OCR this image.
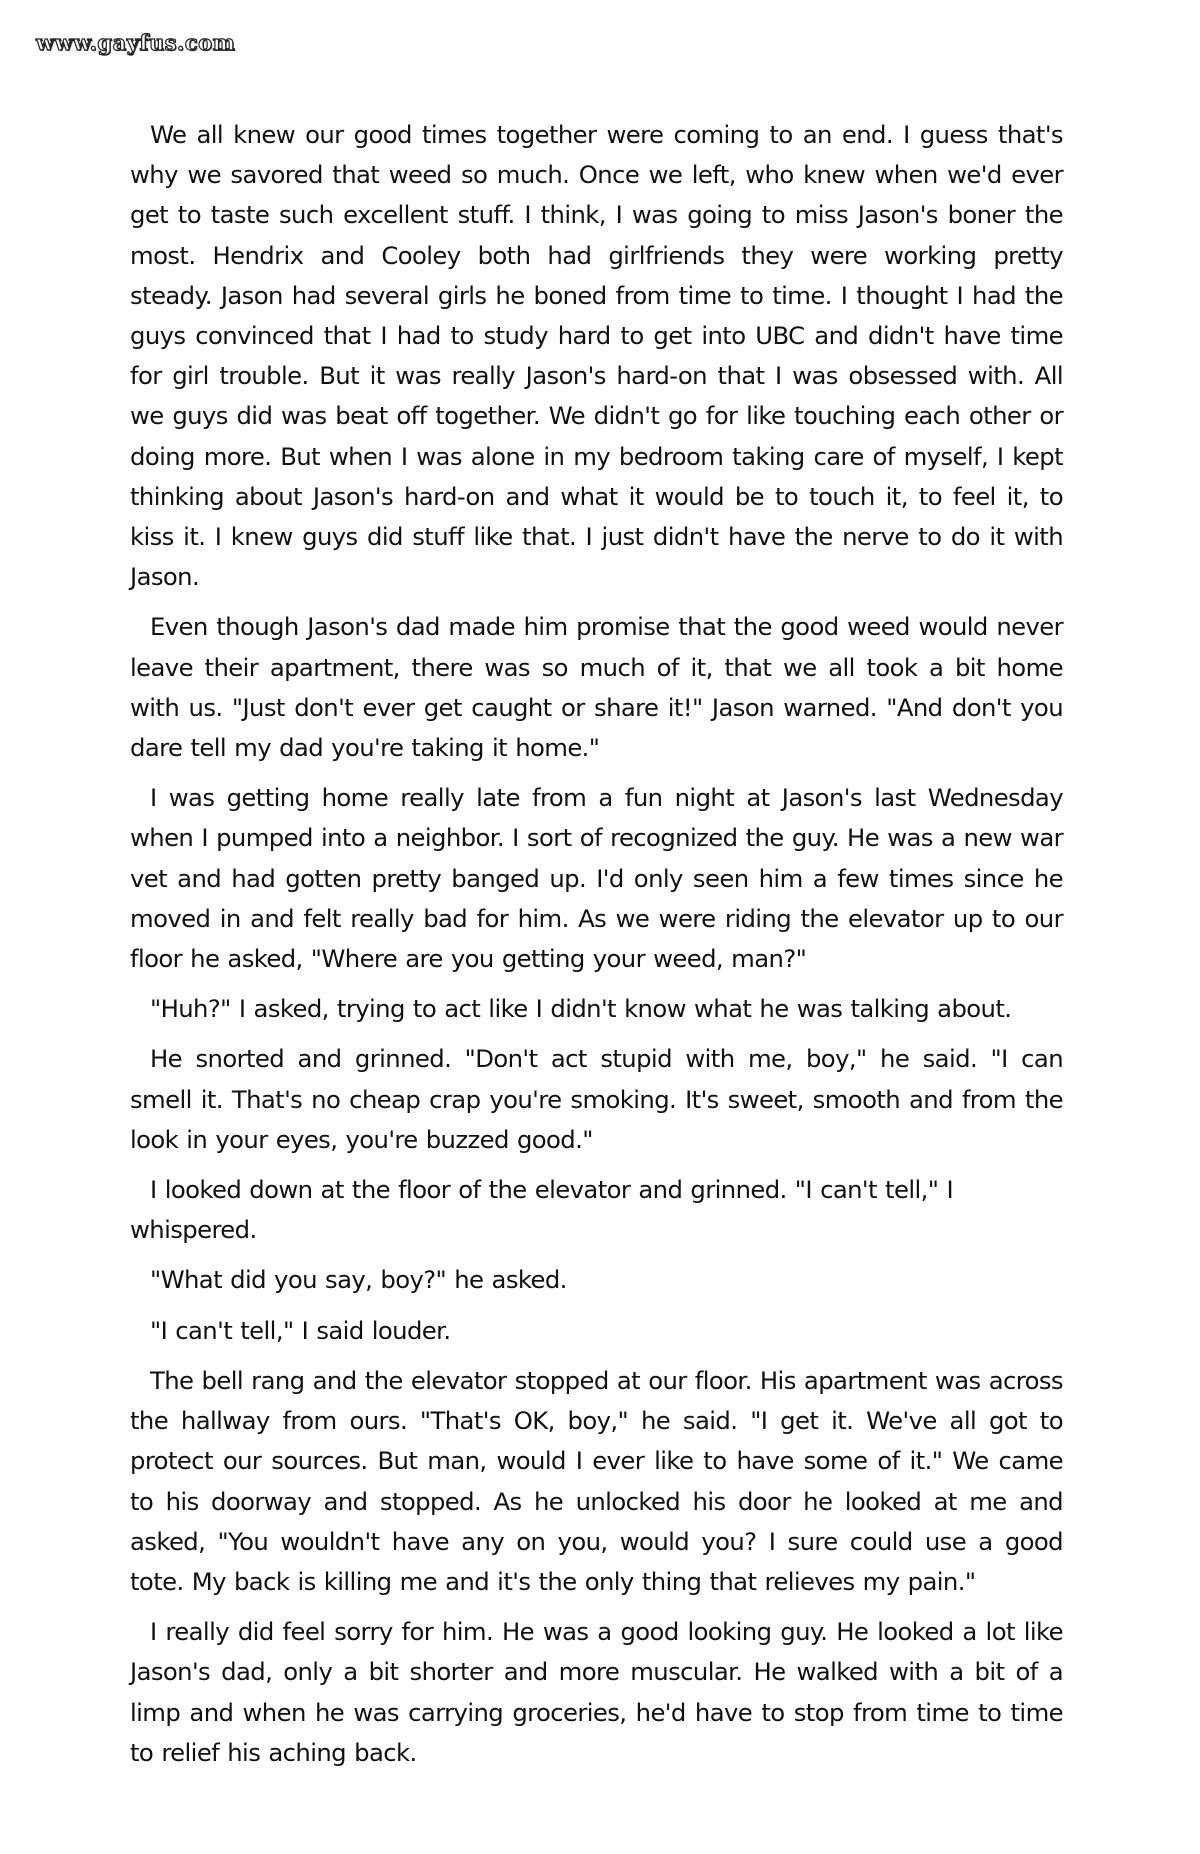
www.gayfus.com

We all knew our good times together were coming to an end. I guess that's why we savored that weed so much. Once we left, who knew when we'd ever get to taste such excellent stuff. I think, I was going to miss Jason's boner the most. Hendrix and Cooley both had girlfriends they were working pretty steady. Jason had several girls he boned from time to time. I thought I had the guys convinced that I had to study hard to get into UBC and didn't have time for girl trouble. But it was really Jason's hard-on that I was obsessed with. All we guys did was beat off together. We didn't go for like touching each other or doing more. But when I was alone in my bedroom taking care of myself, I kept thinking about Jason's hard-on and what it would be to touch it, to feel it, to kiss it. I knew guys did stuff like that. I just didn't have the nerve to do it with Jason.

Even though Jason's dad made him promise that the good weed would never leave their apartment, there was so much of it, that we all took a bit home with us. "Just don't ever get caught or share it!" Jason warned. "And don't you dare tell my dad you're taking it home."

I was getting home really late from a fun night at Jason's last Wednesday when I pumped into a neighbor. I sort of recognized the guy. He was a new war vet and had gotten pretty banged up. I'd only seen him a few times since he moved in and felt really bad for him. As we were riding the elevator up to our floor he asked, "Where are you getting your weed, man?"

"Huh?" I asked, trying to act like I didn't know what he was talking about.

He snorted and grinned. "Don't act stupid with me, boy," he said. "I can smell it. That's no cheap crap you're smoking. It's sweet, smooth and from the look in your eyes, you're buzzed good."

I looked down at the floor of the elevator and grinned. "I can't tell," I whispered.

"What did you say, boy?" he asked.

"I can't tell," I said louder.

The bell rang and the elevator stopped at our floor. His apartment was across the hallway from ours. "That's OK, boy," he said. "I get it. We've all got to protect our sources. But man, would I ever like to have some of it." We came to his doorway and stopped. As he unlocked his door he looked at me and asked, "You wouldn't have any on you, would you? I sure could use a good tote. My back is killing me and it's the only thing that relieves my pain."

I really did feel sorry for him. He was a good looking guy. He looked a lot like Jason's dad, only a bit shorter and more muscular. He walked with a bit of a limp and when he was carrying groceries, he'd have to stop from time to time to relief his aching back.
